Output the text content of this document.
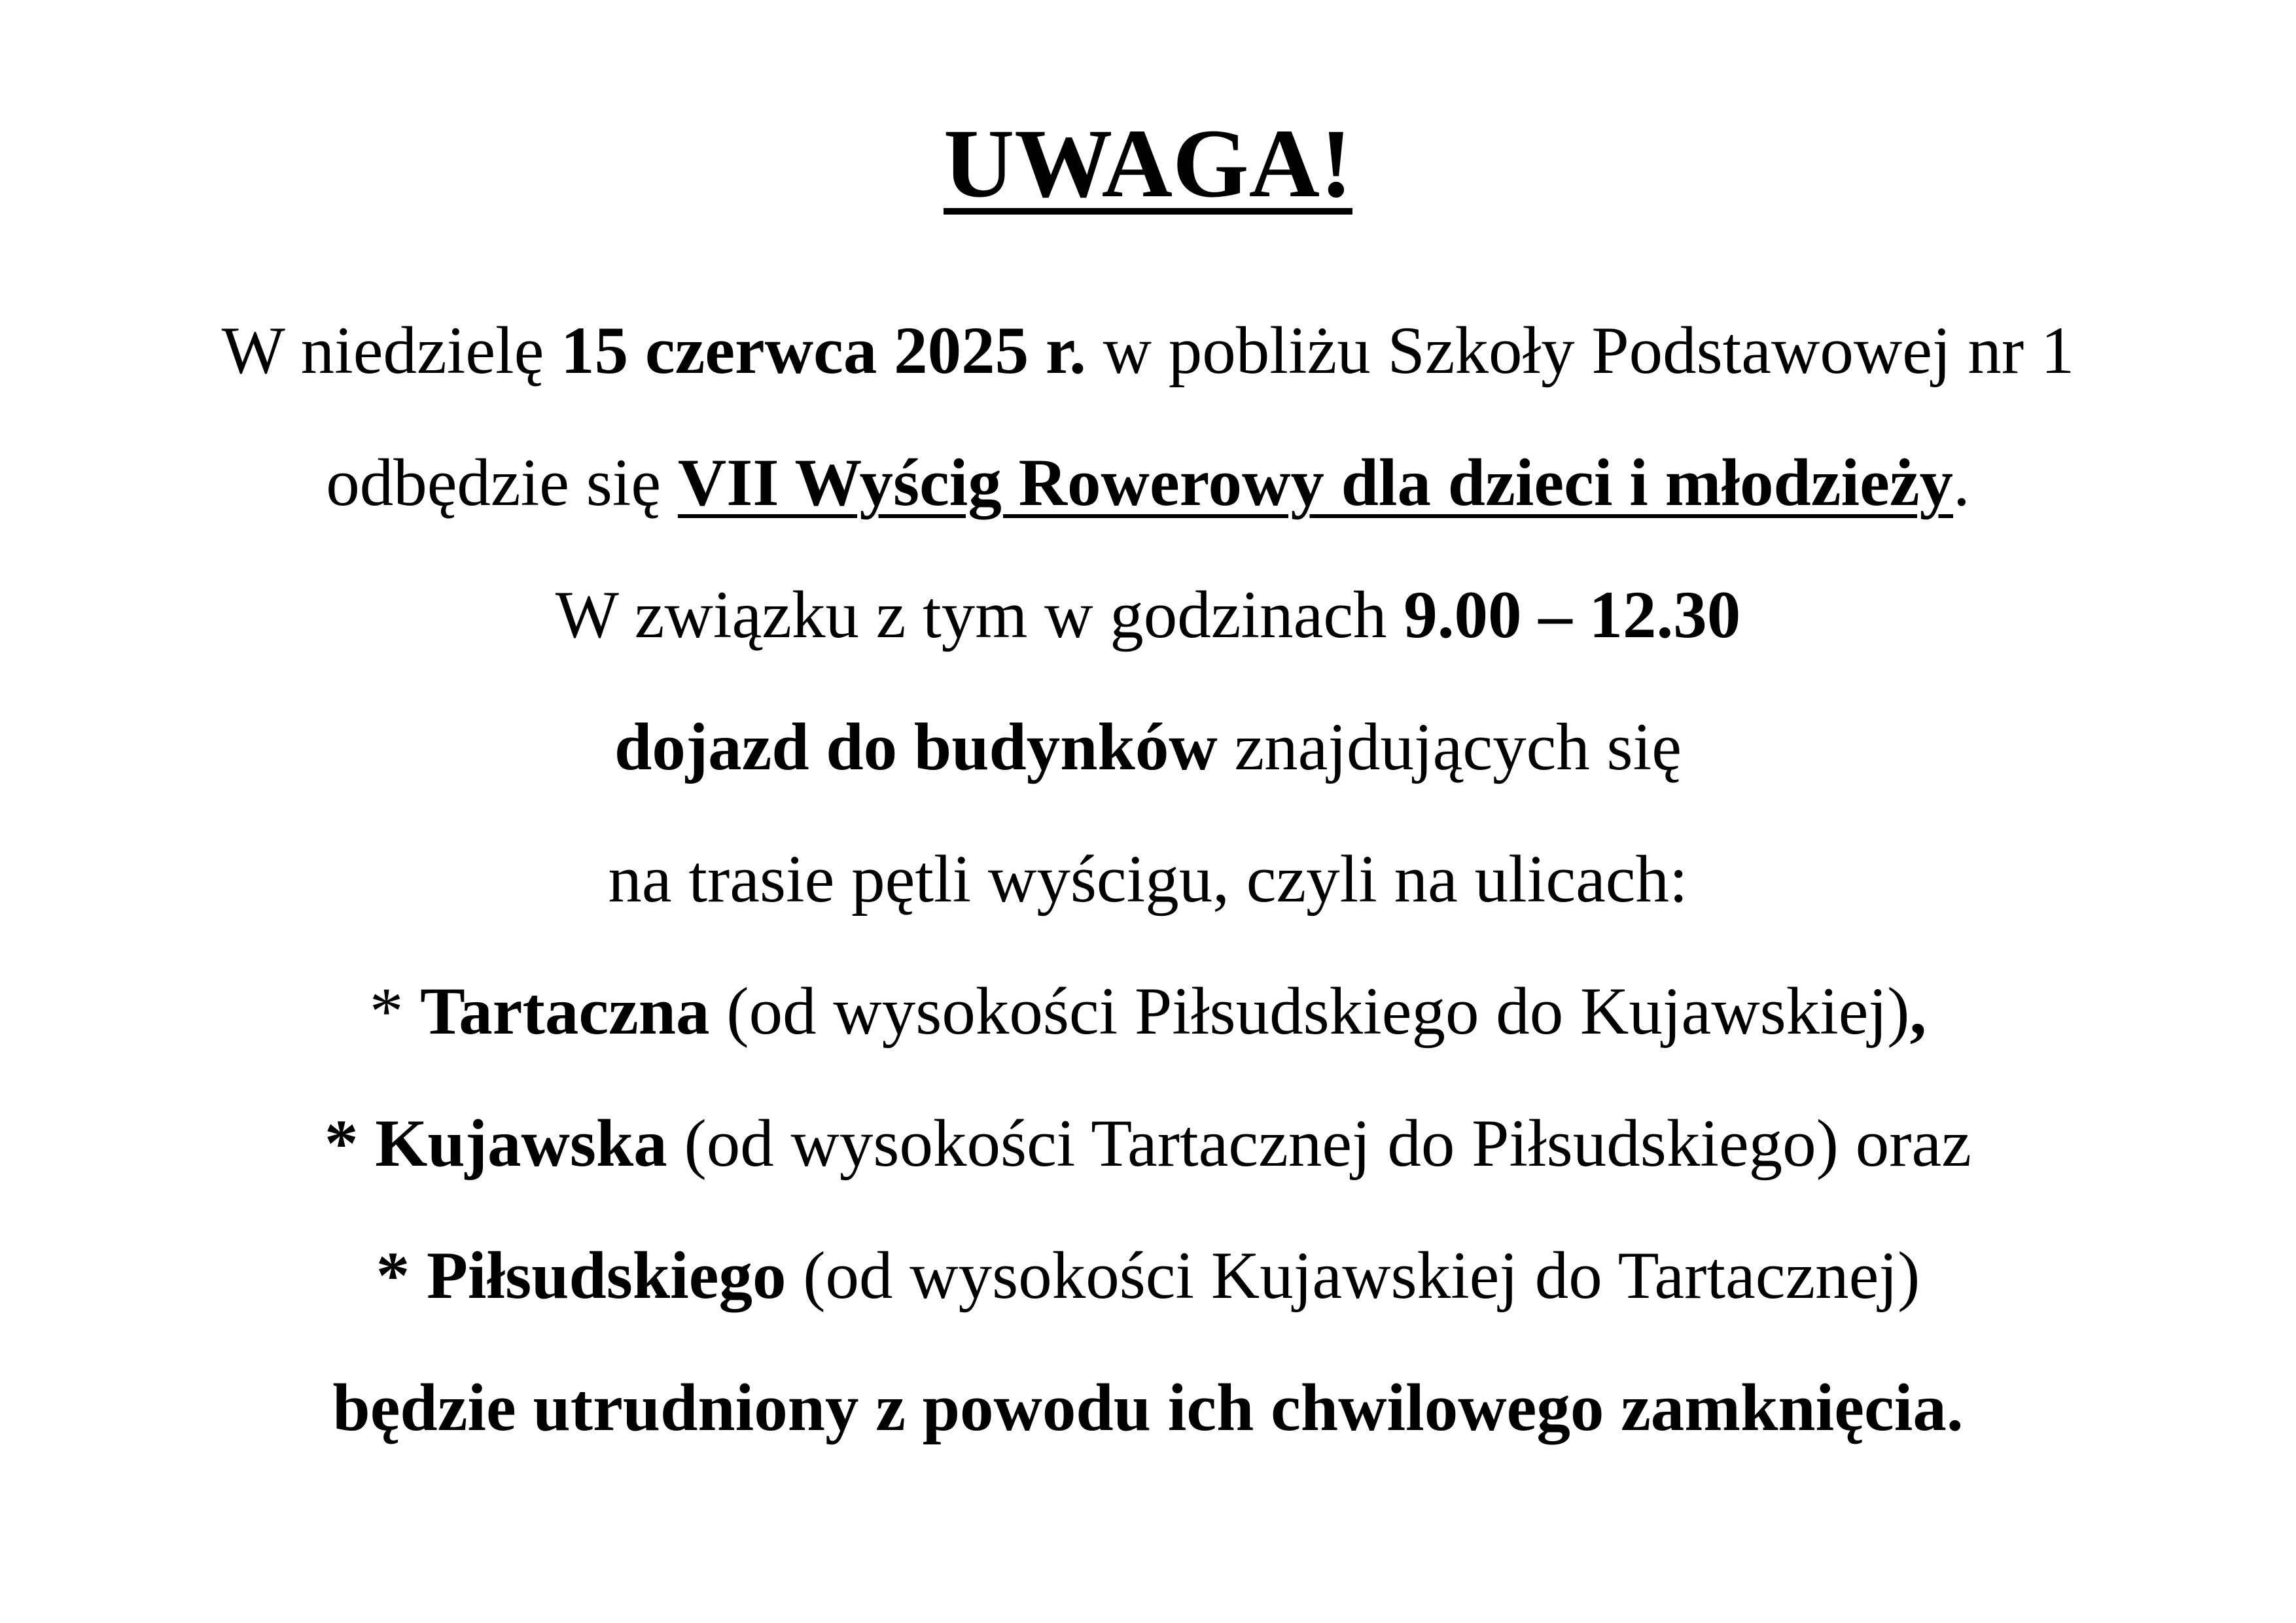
UWAGA!

W niedzielę 15 czerwca 2025 r. w pobliżu Szkoły Podstawowej nr 1

odbędzie się VII Wyścig Rowerowy dla dzieci i młodzieży.

W związku z tym w godzinach 9.00 – 12.30

dojazd do budynków znajdujących się

na trasie pętli wyścigu, czyli na ulicach:

* Tartaczna (od wysokości Piłsudskiego do Kujawskiej),

* Kujawska (od wysokości Tartacznej do Piłsudskiego) oraz

* Piłsudskiego (od wysokości Kujawskiej do Tartacznej)

będzie utrudniony z powodu ich chwilowego zamknięcia.
